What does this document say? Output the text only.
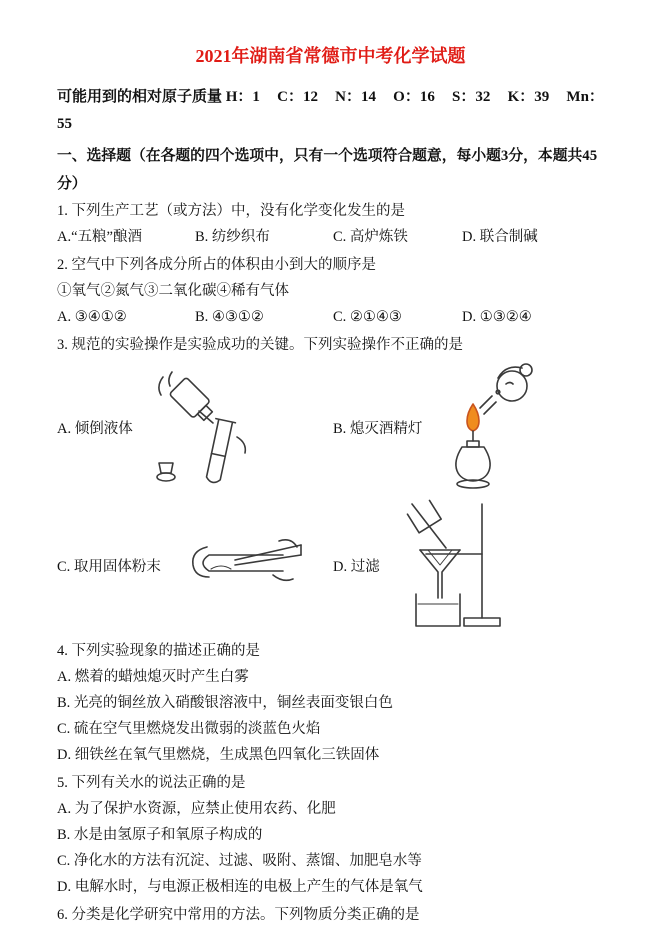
2021年湖南省常德市中考化学试题

可能用到的相对原子质量 H：1 C：12 N：14 O：16 S：32 K：39 Mn：

55

一、选择题（在各题的四个选项中，只有一个选项符合题意，每小题3分，本题共45分）

1. 下列生产工艺（或方法）中，没有化学变化发生的是

A.“五粮”酿酒	B. 纺纱织布	C. 高炉炼铁	D. 联合制碱

2. 空气中下列各成分所占的体积由小到大的顺序是

①氧气②氮气③二氧化碳④稀有气体

A. ③④①②	B. ④③①②	C. ②①④③	D. ①③②④

3. 规范的实验操作是实验成功的关键。下列实验操作不正确的是

A. 倾倒液体	B. 熄灭酒精灯
C. 取用固体粉末	D. 过滤

4. 下列实验现象的描述正确的是

A. 燃着的蜡烛熄灭时产生白雾

B. 光亮的铜丝放入硝酸银溶液中，铜丝表面变银白色

C. 硫在空气里燃烧发出微弱的淡蓝色火焰

D. 细铁丝在氧气里燃烧，生成黑色四氧化三铁固体

5. 下列有关水的说法正确的是

A. 为了保护水资源，应禁止使用农药、化肥

B. 水是由氢原子和氧原子构成的

C. 净化水的方法有沉淀、过滤、吸附、蒸馏、加肥皂水等

D. 电解水时，与电源正极相连的电极上产生的气体是氧气

6. 分类是化学研究中常用的方法。下列物质分类正确的是
